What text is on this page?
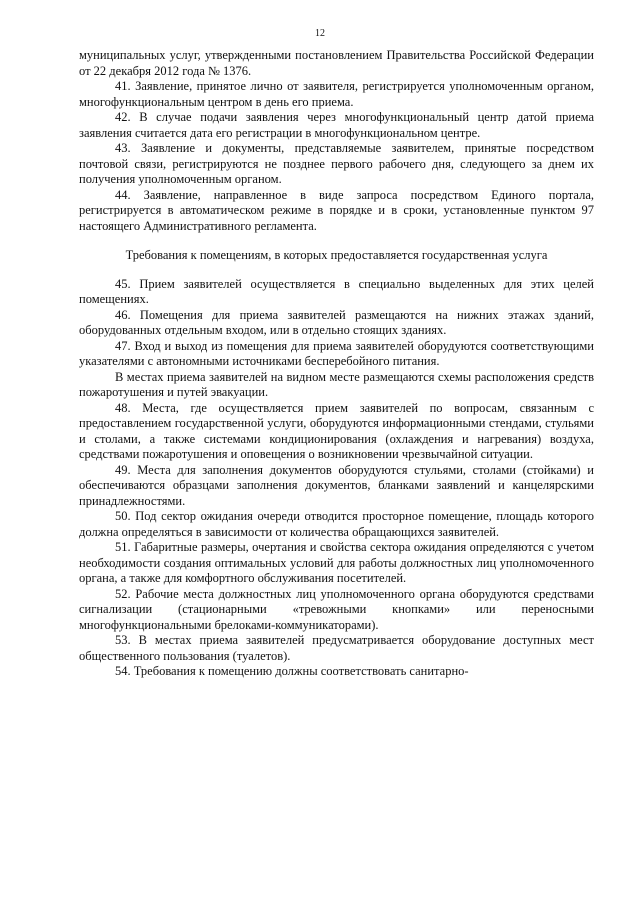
12

муниципальных услуг, утвержденными постановлением Правительства Российской Федерации от 22 декабря 2012 года № 1376.

41. Заявление, принятое лично от заявителя, регистрируется уполномоченным органом, многофункциональным центром в день его приема.

42. В случае подачи заявления через многофункциональный центр датой приема заявления считается дата его регистрации в многофункциональном центре.

43. Заявление и документы, представляемые заявителем, принятые посредством почтовой связи, регистрируются не позднее первого рабочего дня, следующего за днем их получения уполномоченным органом.

44. Заявление, направленное в виде запроса посредством Единого портала, регистрируется в автоматическом режиме в порядке и в сроки, установленные пунктом 97 настоящего Административного регламента.

Требования к помещениям, в которых предоставляется государственная услуга

45. Прием заявителей осуществляется в специально выделенных для этих целей помещениях.

46. Помещения для приема заявителей размещаются на нижних этажах зданий, оборудованных отдельным входом, или в отдельно стоящих зданиях.

47. Вход и выход из помещения для приема заявителей оборудуются соответствующими указателями с автономными источниками бесперебойного питания.

В местах приема заявителей на видном месте размещаются схемы расположения средств пожаротушения и путей эвакуации.

48. Места, где осуществляется прием заявителей по вопросам, связанным с предоставлением государственной услуги, оборудуются информационными стендами, стульями и столами, а также системами кондиционирования (охлаждения и нагревания) воздуха, средствами пожаротушения и оповещения о возникновении чрезвычайной ситуации.

49. Места для заполнения документов оборудуются стульями, столами (стойками) и обеспечиваются образцами заполнения документов, бланками заявлений и канцелярскими принадлежностями.

50. Под сектор ожидания очереди отводится просторное помещение, площадь которого должна определяться в зависимости от количества обращающихся заявителей.

51. Габаритные размеры, очертания и свойства сектора ожидания определяются с учетом необходимости создания оптимальных условий для работы должностных лиц уполномоченного органа, а также для комфортного обслуживания посетителей.

52. Рабочие места должностных лиц уполномоченного органа оборудуются средствами сигнализации (стационарными «тревожными кнопками» или переносными многофункциональными брелоками-коммуникаторами).

53. В местах приема заявителей предусматривается оборудование доступных мест общественного пользования (туалетов).

54. Требования к помещению должны соответствовать санитарно-
